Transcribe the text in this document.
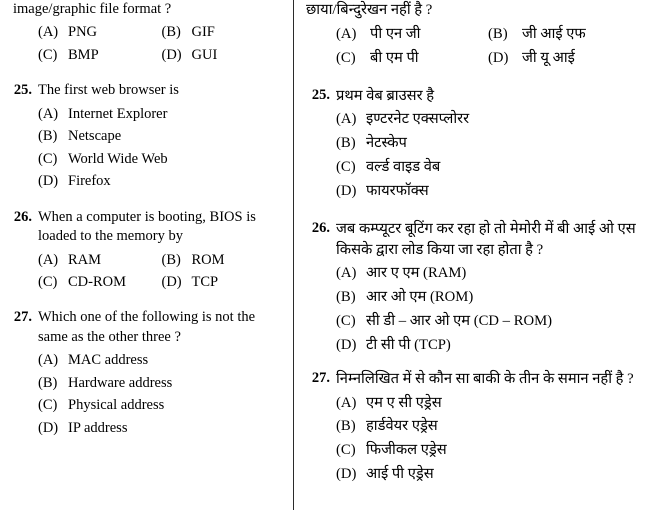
image/graphic file format ?
(A) PNG	(B) GIF
(C) BMP	(D) GUI
25. The first web browser is
(A) Internet Explorer
(B) Netscape
(C) World Wide Web
(D) Firefox
26. When a computer is booting, BIOS is loaded to the memory by
(A) RAM	(B) ROM
(C) CD-ROM	(D) TCP
27. Which one of the following is not the same as the other three ?
(A) MAC address
(B) Hardware address
(C) Physical address
(D) IP address
छाया/बिन्दुरेखन नहीं है ?
(A) पी एन जी	(B) जी आई एफ
(C) बी एम पी	(D) जी यू आई
25. प्रथम वेब ब्राउसर है
(A) इण्टरनेट एक्सप्लोरर
(B) नेटस्केप
(C) वर्ल्ड वाइड वेब
(D) फायरफॉक्स
26. जब कम्प्यूटर बूटिंग कर रहा हो तो मेमोरी में बी आई ओ एस किसके द्वारा लोड किया जा रहा होता है ?
(A) आर ए एम (RAM)
(B) आर ओ एम (ROM)
(C) सी डी – आर ओ एम (CD – ROM)
(D) टी सी पी (TCP)
27. निम्नलिखित में से कौन सा बाकी के तीन के समान नहीं है ?
(A) एम ए सी एड्रेस
(B) हार्डवेयर एड्रेस
(C) फिजीकल एड्रेस
(D) आई पी एड्रेस
